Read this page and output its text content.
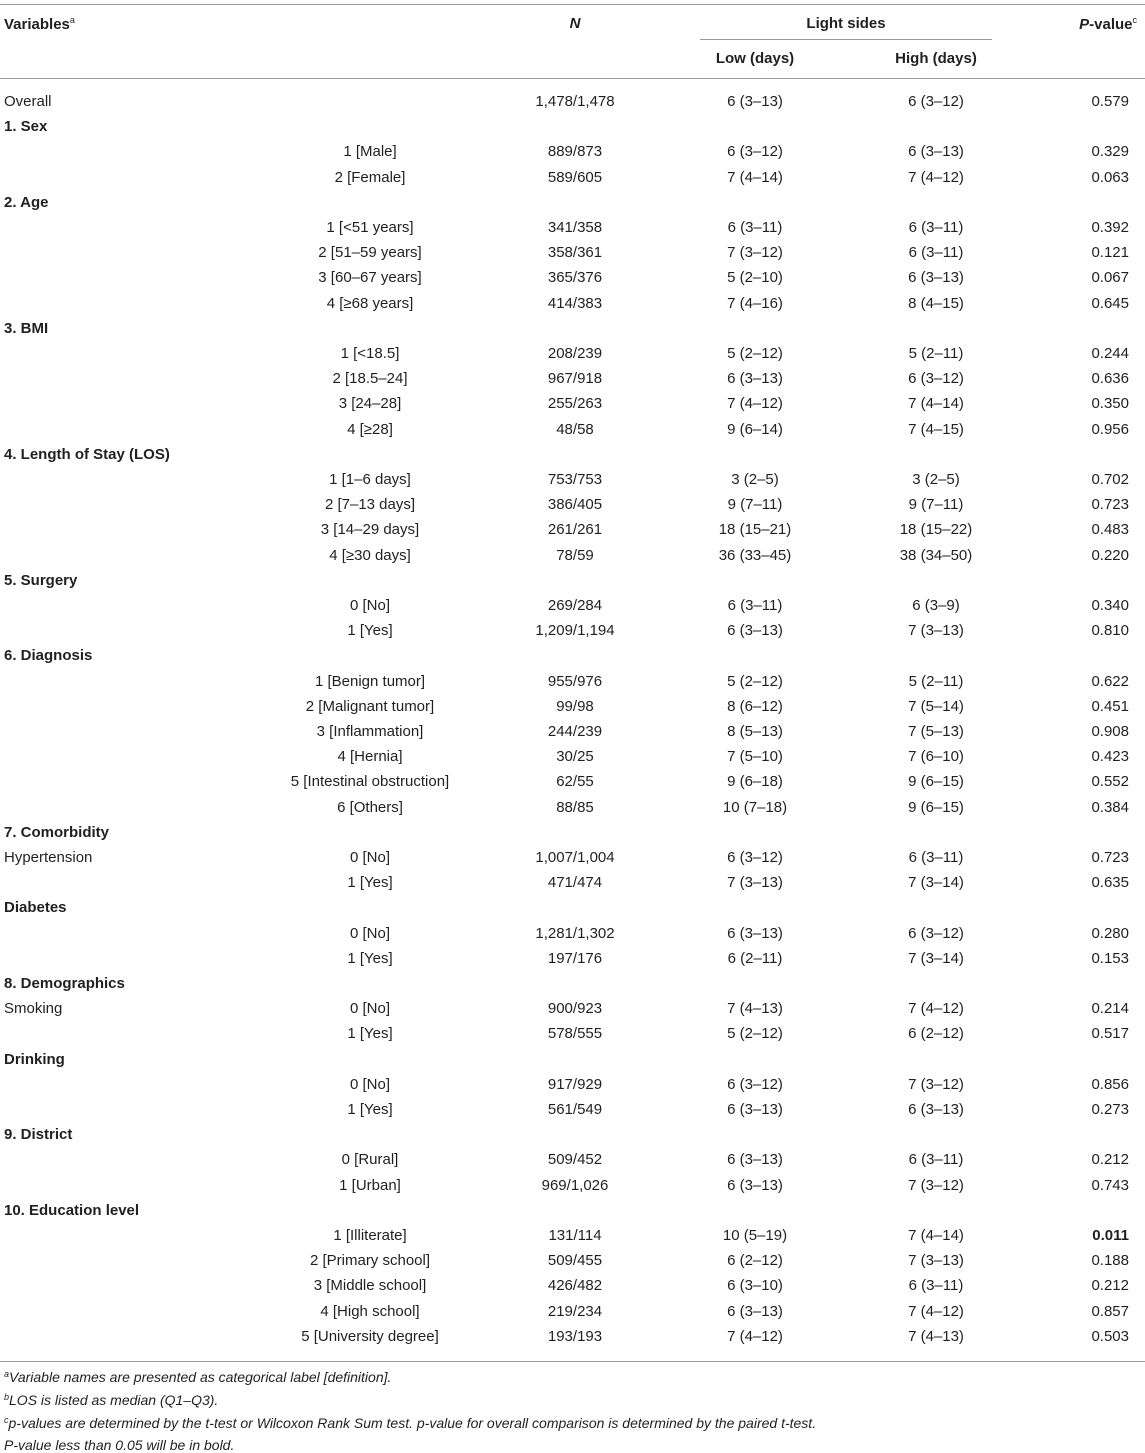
Variables$^a$	N	Light sides
Low (days)	High (days)
P-value$^c$
Overall	1,478/1,478	6 (3–13)	6 (3–12)	0.579
1. Sex
1 [Male]	889/873	6 (3–12)	6 (3–13)	0.329
2 [Female]	589/605	7 (4–14)	7 (4–12)	0.063
2. Age
1 [<51 years]	341/358	6 (3–11)	6 (3–11)	0.392
2 [51–59 years]	358/361	7 (3–12)	6 (3–11)	0.121
3 [60–67 years]	365/376	5 (2–10)	6 (3–13)	0.067
4 [≥68 years]	414/383	7 (4–16)	8 (4–15)	0.645
3. BMI
1 [<18.5]	208/239	5 (2–12)	5 (2–11)	0.244
2 [18.5–24]	967/918	6 (3–13)	6 (3–12)	0.636
3 [24–28]	255/263	7 (4–12)	7 (4–14)	0.350
4 [≥28]	48/58	9 (6–14)	7 (4–15)	0.956
4. Length of Stay (LOS)
1 [1–6 days]	753/753	3 (2–5)	3 (2–5)	0.702
2 [7–13 days]	386/405	9 (7–11)	9 (7–11)	0.723
3 [14–29 days]	261/261	18 (15–21)	18 (15–22)	0.483
4 [≥30 days]	78/59	36 (33–45)	38 (34–50)	0.220
5. Surgery
0 [No]	269/284	6 (3–11)	6 (3–9)	0.340
1 [Yes]	1,209/1,194	6 (3–13)	7 (3–13)	0.810
6. Diagnosis
1 [Benign tumor]	955/976	5 (2–12)	5 (2–11)	0.622
2 [Malignant tumor]	99/98	8 (6–12)	7 (5–14)	0.451
3 [Inflammation]	244/239	8 (5–13)	7 (5–13)	0.908
4 [Hernia]	30/25	7 (5–10)	7 (6–10)	0.423
5 [Intestinal obstruction]	62/55	9 (6–18)	9 (6–15)	0.552
6 [Others]	88/85	10 (7–18)	9 (6–15)	0.384
7. Comorbidity
Hypertension	0 [No]	1,007/1,004	6 (3–12)	6 (3–11)	0.723
1 [Yes]	471/474	7 (3–13)	7 (3–14)	0.635
Diabetes
0 [No]	1,281/1,302	6 (3–13)	6 (3–12)	0.280
1 [Yes]	197/176	6 (2–11)	7 (3–14)	0.153
8. Demographics
Smoking	0 [No]	900/923	7 (4–13)	7 (4–12)	0.214
1 [Yes]	578/555	5 (2–12)	6 (2–12)	0.517
Drinking
0 [No]	917/929	6 (3–12)	7 (3–12)	0.856
1 [Yes]	561/549	6 (3–13)	6 (3–13)	0.273
9. District
0 [Rural]	509/452	6 (3–13)	6 (3–11)	0.212
1 [Urban]	969/1,026	6 (3–13)	7 (3–12)	0.743
10. Education level
1 [Illiterate]	131/114	10 (5–19)	7 (4–14)	0.011
2 [Primary school]	509/455	6 (2–12)	7 (3–13)	0.188
3 [Middle school]	426/482	6 (3–10)	6 (3–11)	0.212
4 [High school]	219/234	6 (3–13)	7 (4–12)	0.857
5 [University degree]	193/193	7 (4–12)	7 (4–13)	0.503
$^a$Variable names are presented as categorical label [definition].
$^b$LOS is listed as median (Q1–Q3).
$^c$p-values are determined by the t-test or Wilcoxon Rank Sum test. p-value for overall comparison is determined by the paired t-test.
P-value less than 0.05 will be in bold.
